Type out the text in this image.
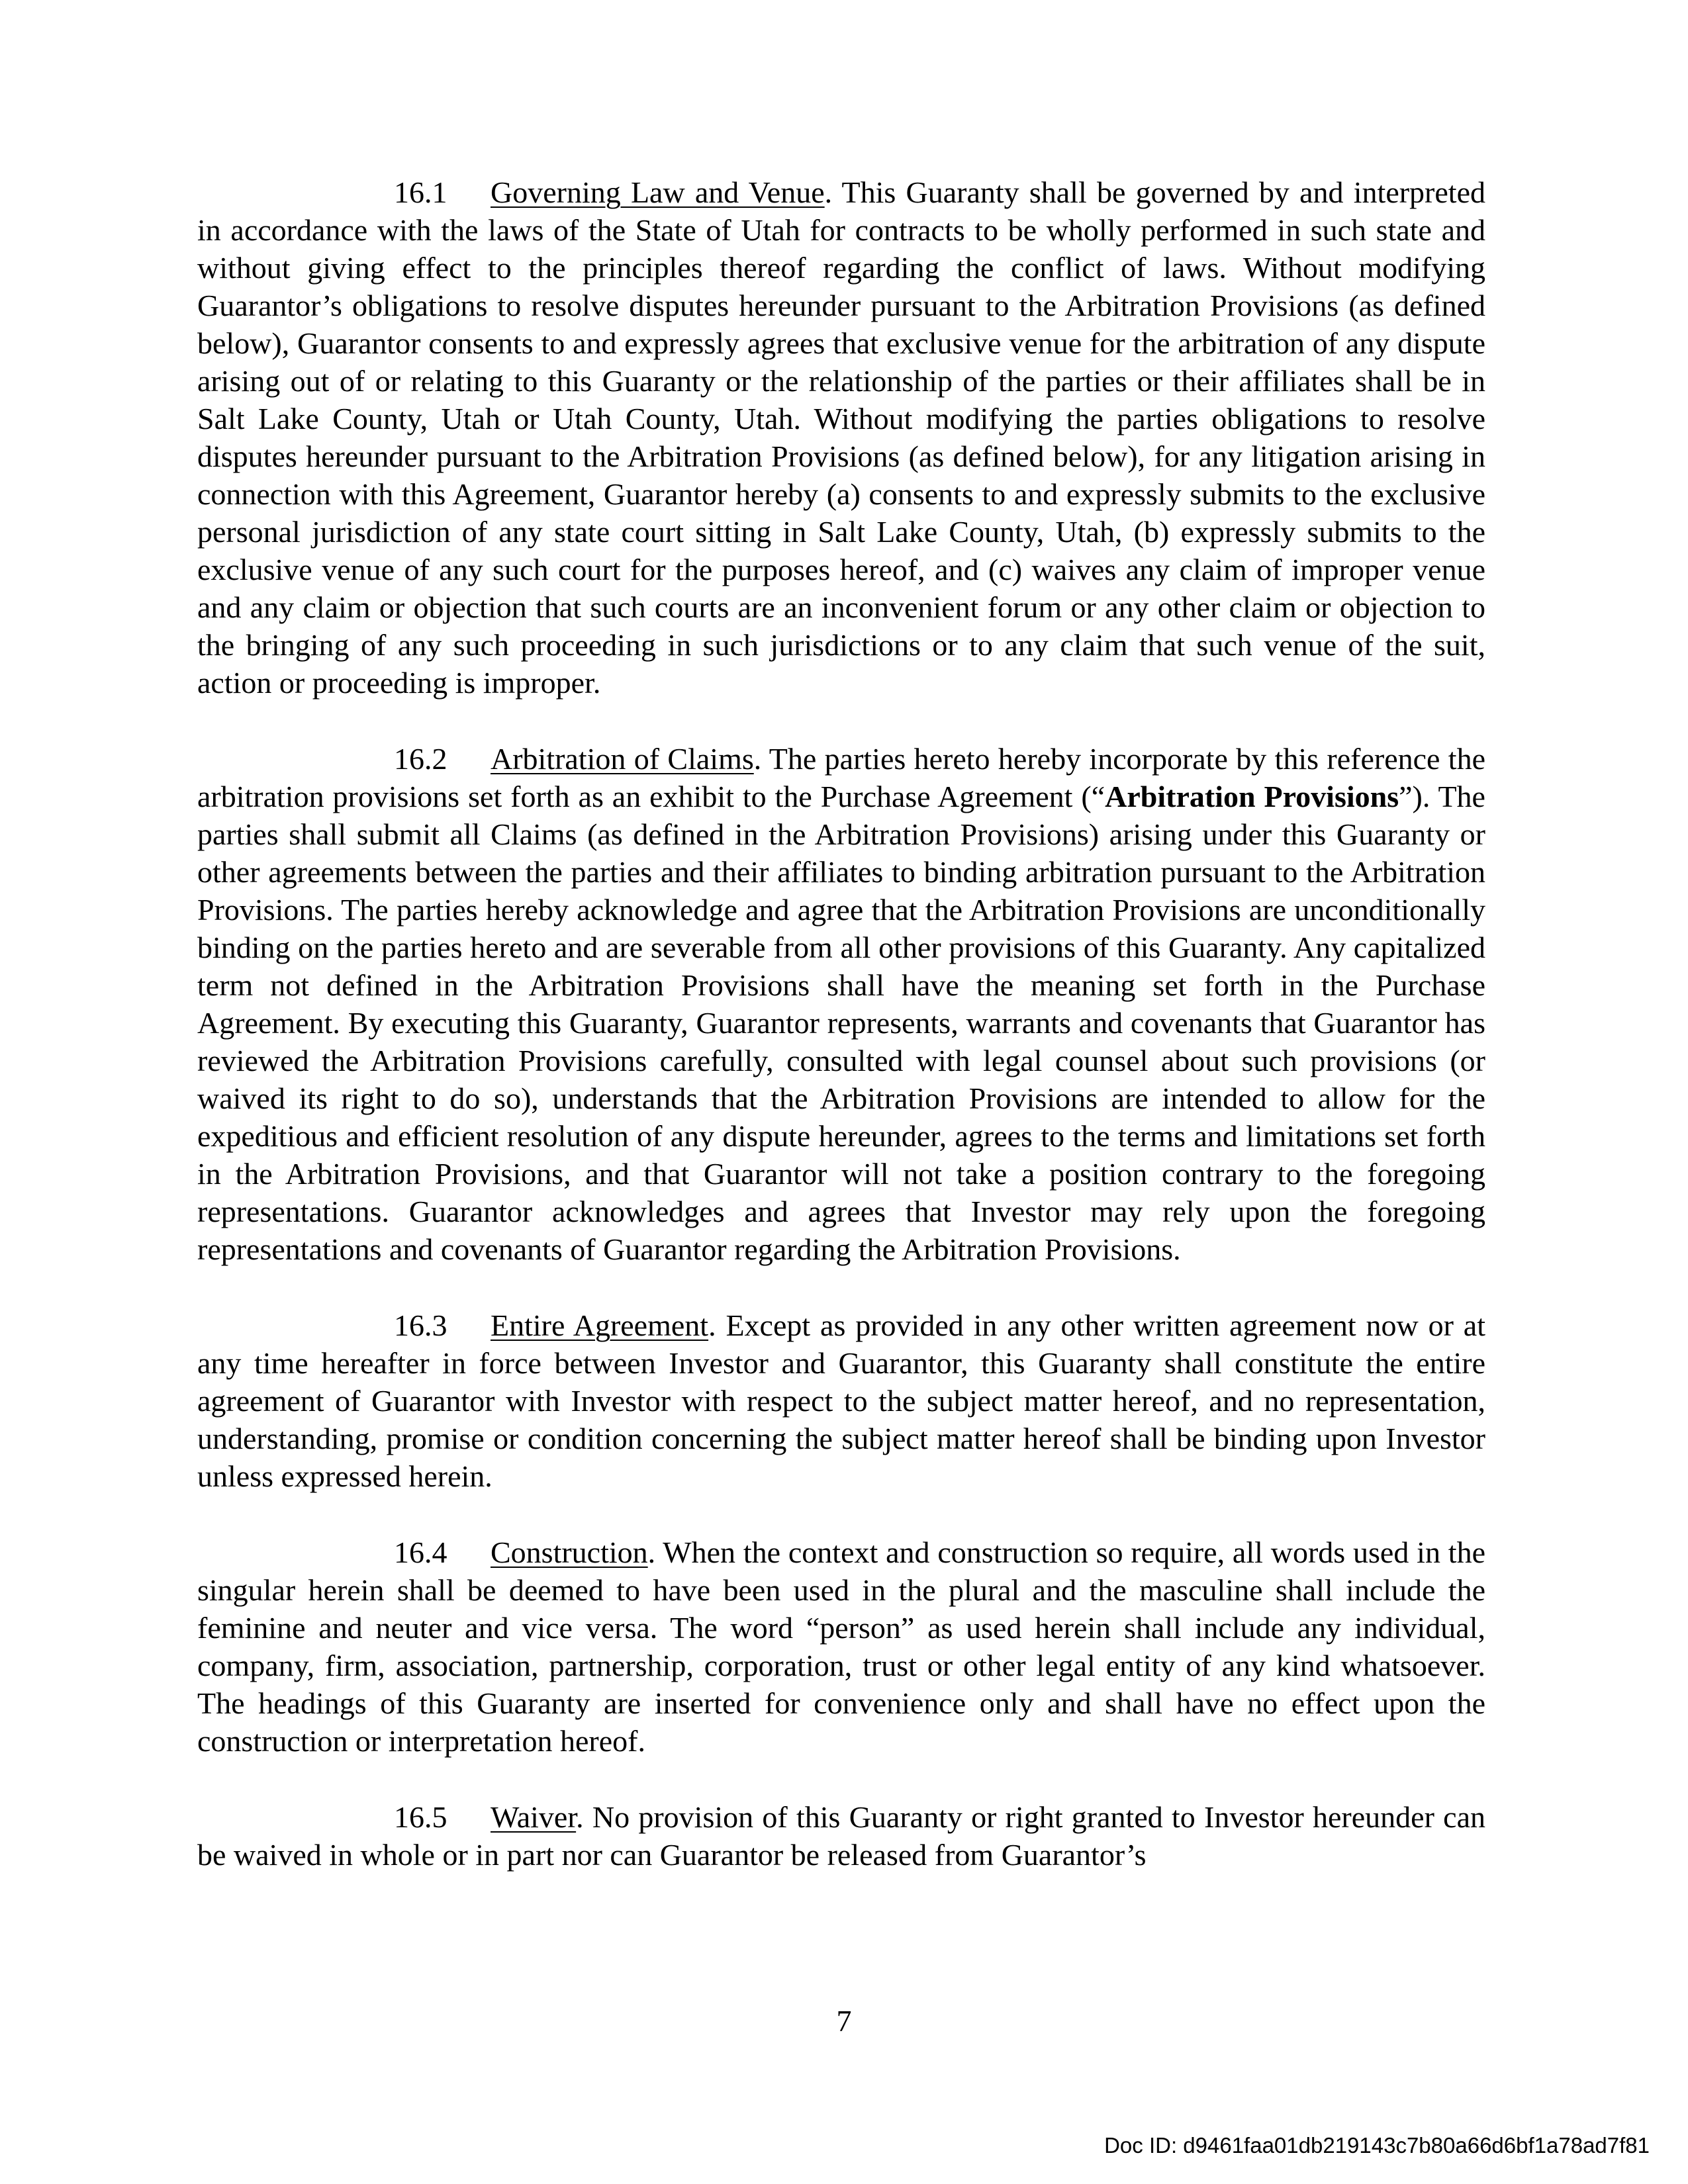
16.1 Governing Law and Venue. This Guaranty shall be governed by and interpreted in accordance with the laws of the State of Utah for contracts to be wholly performed in such state and without giving effect to the principles thereof regarding the conflict of laws. Without modifying Guarantor’s obligations to resolve disputes hereunder pursuant to the Arbitration Provisions (as defined below), Guarantor consents to and expressly agrees that exclusive venue for the arbitration of any dispute arising out of or relating to this Guaranty or the relationship of the parties or their affiliates shall be in Salt Lake County, Utah or Utah County, Utah. Without modifying the parties obligations to resolve disputes hereunder pursuant to the Arbitration Provisions (as defined below), for any litigation arising in connection with this Agreement, Guarantor hereby (a) consents to and expressly submits to the exclusive personal jurisdiction of any state court sitting in Salt Lake County, Utah, (b) expressly submits to the exclusive venue of any such court for the purposes hereof, and (c) waives any claim of improper venue and any claim or objection that such courts are an inconvenient forum or any other claim or objection to the bringing of any such proceeding in such jurisdictions or to any claim that such venue of the suit, action or proceeding is improper.

16.2 Arbitration of Claims. The parties hereto hereby incorporate by this reference the arbitration provisions set forth as an exhibit to the Purchase Agreement (“Arbitration Provisions”). The parties shall submit all Claims (as defined in the Arbitration Provisions) arising under this Guaranty or other agreements between the parties and their affiliates to binding arbitration pursuant to the Arbitration Provisions. The parties hereby acknowledge and agree that the Arbitration Provisions are unconditionally binding on the parties hereto and are severable from all other provisions of this Guaranty. Any capitalized term not defined in the Arbitration Provisions shall have the meaning set forth in the Purchase Agreement. By executing this Guaranty, Guarantor represents, warrants and covenants that Guarantor has reviewed the Arbitration Provisions carefully, consulted with legal counsel about such provisions (or waived its right to do so), understands that the Arbitration Provisions are intended to allow for the expeditious and efficient resolution of any dispute hereunder, agrees to the terms and limitations set forth in the Arbitration Provisions, and that Guarantor will not take a position contrary to the foregoing representations. Guarantor acknowledges and agrees that Investor may rely upon the foregoing representations and covenants of Guarantor regarding the Arbitration Provisions.

16.3 Entire Agreement. Except as provided in any other written agreement now or at any time hereafter in force between Investor and Guarantor, this Guaranty shall constitute the entire agreement of Guarantor with Investor with respect to the subject matter hereof, and no representation, understanding, promise or condition concerning the subject matter hereof shall be binding upon Investor unless expressed herein.

16.4 Construction. When the context and construction so require, all words used in the singular herein shall be deemed to have been used in the plural and the masculine shall include the feminine and neuter and vice versa. The word “person” as used herein shall include any individual, company, firm, association, partnership, corporation, trust or other legal entity of any kind whatsoever. The headings of this Guaranty are inserted for convenience only and shall have no effect upon the construction or interpretation hereof.

16.5 Waiver. No provision of this Guaranty or right granted to Investor hereunder can be waived in whole or in part nor can Guarantor be released from Guarantor’s

7
Doc ID: d9461faa01db219143c7b80a66d6bf1a78ad7f81
